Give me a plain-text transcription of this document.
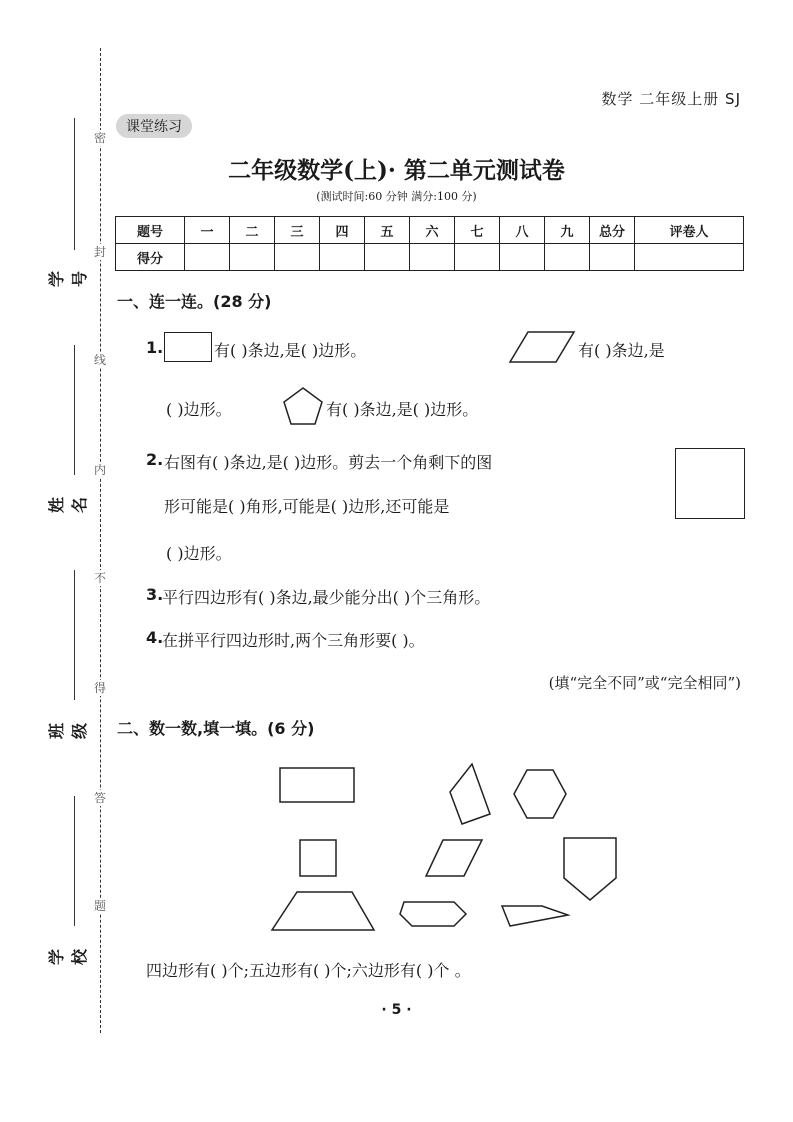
密
封
线
内
不
得
答
题
学号
姓名
班级
学校
数学 二年级上册 SJ
课堂练习
二年级数学(上)· 第二单元测试卷
(测试时间:60 分钟 满分:100 分)
题号	一	二	三	四	五	六	七	八	九	总分	评卷人
得分											
一、连一连。(28 分)
1.	有( )条边,是( )边形。	有( )条边,是
( )边形。	有( )条边,是( )边形。
2. 右图有( )条边,是( )边形。剪去一个角剩下的图
形可能是( )角形,可能是( )边形,还可能是
( )边形。
3.
平行四边形有( )条边,最少能分出( )个三角形。
4.
在拼平行四边形时,两个三角形要( )。
(填“完全不同”或“完全相同”)
二、数一数,填一填。(6 分)
四边形有( )个;五边形有( )个;六边形有( )个 。
· 5 ·
